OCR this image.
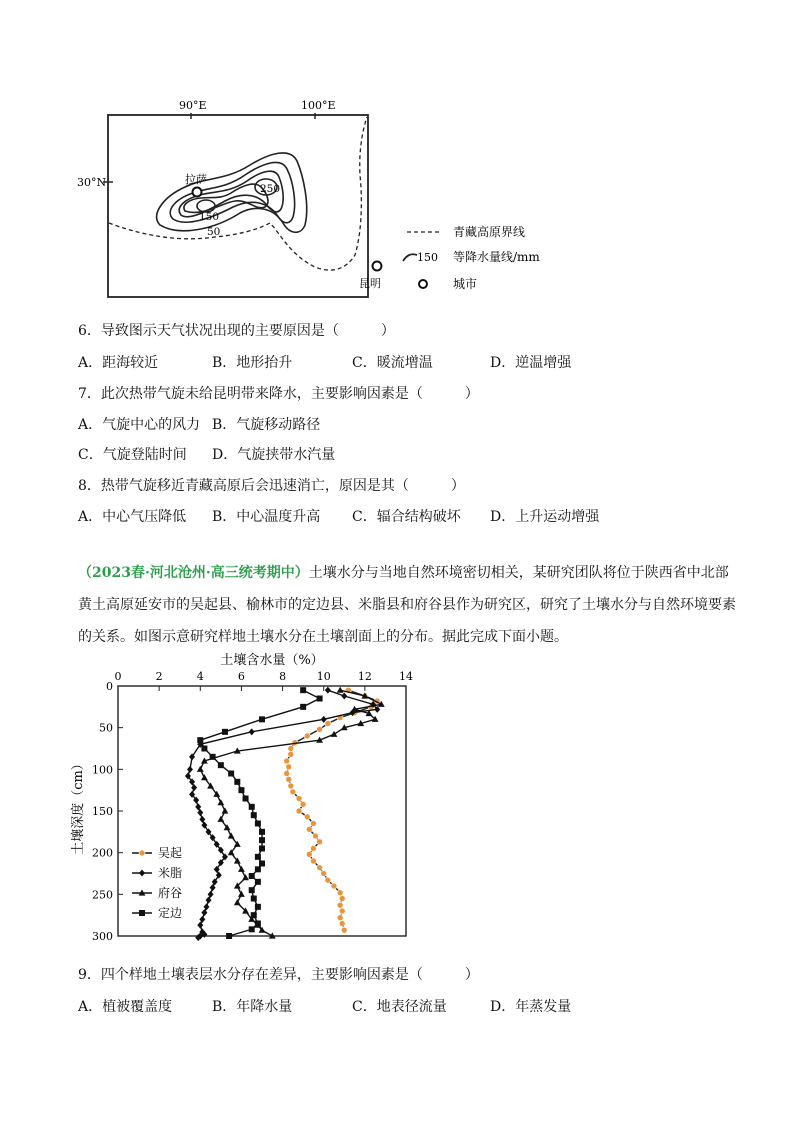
90°E	100°E
30°N	拉萨
250
150
50
昆明
青藏高原界线
150 等降水量线/mm
城市
6．导致图示天气状况出现的主要原因是（　　　）
A．距海较近	B．地形抬升	C．暖流增温	D．逆温增强
7．此次热带气旋未给昆明带来降水，主要影响因素是（　　　）
A．气旋中心的风力 B．气旋移动路径
C．气旋登陆时间 D．气旋挟带水汽量
8．热带气旋移近青藏高原后会迅速消亡，原因是其（　　　）
A．中心气压降低 B．中心温度升高 C．辐合结构破坏 D．上升运动增强
（2023春·河北沧州·高三统考期中）土壤水分与当地自然环境密切相关，某研究团队将位于陕西省中北部黄土高原延安市的吴起县、榆林市的定边县、米脂县和府谷县作为研究区，研究了土壤水分与自然环境要素的关系。如图示意研究样地土壤水分在土壤剖面上的分布。据此完成下面小题。
土壤含水量（%）
土壤深度（cm）
0	2	4	6	8	10 12 14
0
50
100
150
200
250
300
吴起
米脂
府谷
定边
9．四个样地土壤表层水分存在差异，主要影响因素是（　　　）
A．植被覆盖度	B．年降水量	C．地表径流量	D．年蒸发量
